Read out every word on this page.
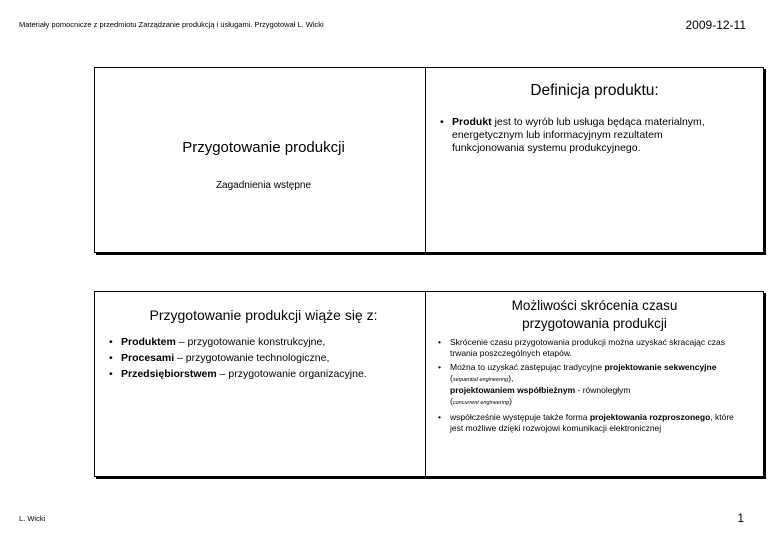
Materiały pomocnicze z przedmiotu Zarządzanie produkcją i usługami. Przygotował L. Wicki	2009-12-11
Przygotowanie produkcji
Zagadnienia wstępne
Definicja produktu:
• Produkt jest to wyrób lub usługa będąca materialnym, energetycznym lub informacyjnym rezultatem funkcjonowania systemu produkcyjnego.
Przygotowanie produkcji wiąże się z:
• Produktem – przygotowanie konstrukcyjne,
• Procesami – przygotowanie technologiczne,
• Przedsiębiorstwem – przygotowanie organizacyjne.
Możliwości skrócenia czasu
przygotowania produkcji
• Skrócenie czasu przygotowania produkcji można uzyskać skracając czas trwania poszczególnych etapów.
• Można to uzyskać zastępując tradycyjne projektowanie sekwencyjne (sequential engineering),
projektowaniem współbieżnym - równoległym
(concurrent engineering)
• współcześnie występuje także forma projektowania rozproszonego, które jest możliwe dzięki rozwojowi komunikacji elektronicznej
L. Wicki	1
